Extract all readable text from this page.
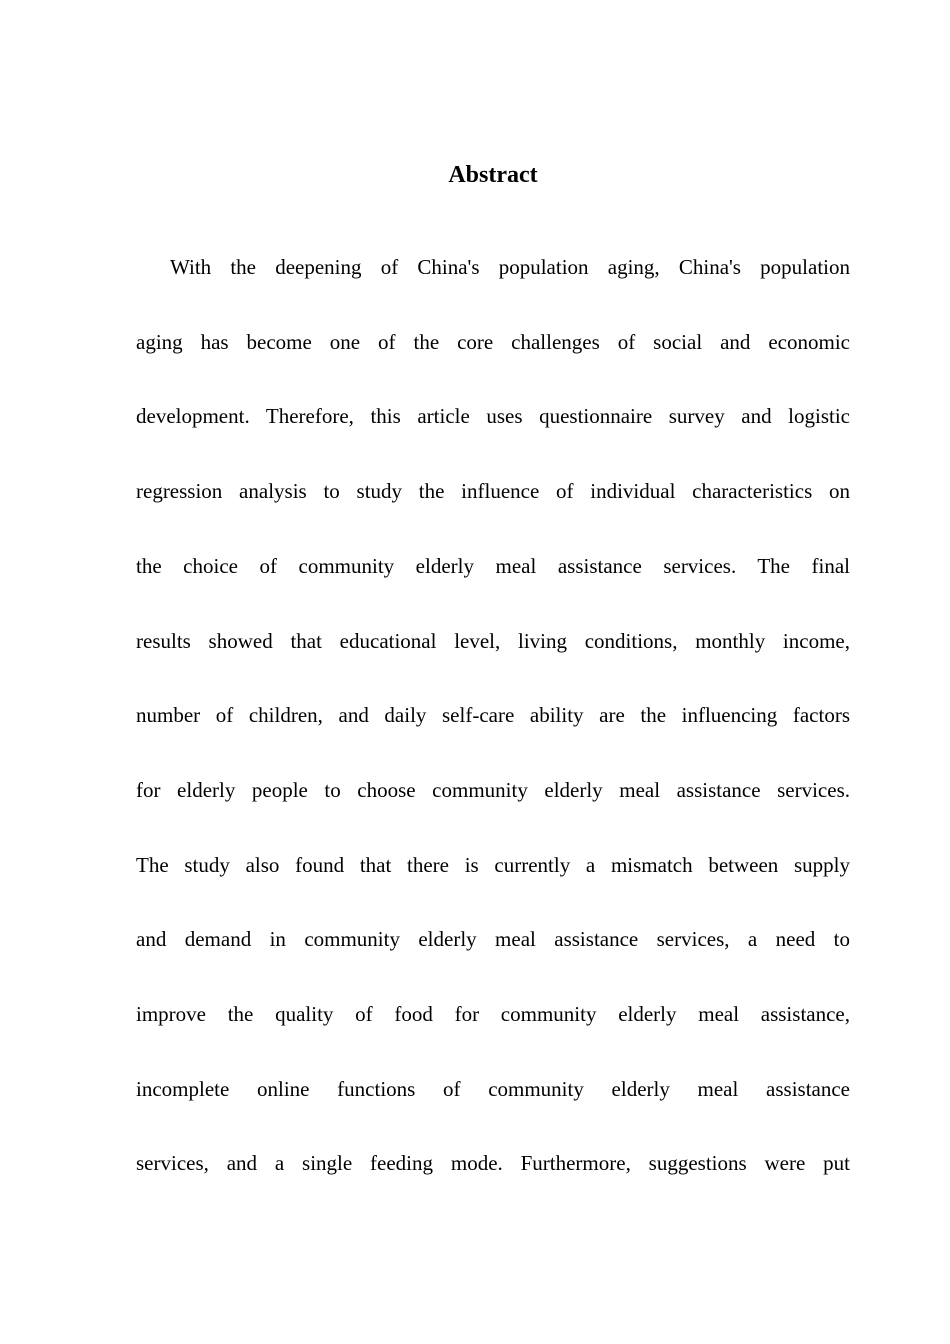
Abstract
With the deepening of China's population aging, China's population
aging has become one of the core challenges of social and economic
development. Therefore, this article uses questionnaire survey and logistic
regression analysis to study the influence of individual characteristics on
the choice of community elderly meal assistance services. The final
results showed that educational level, living conditions, monthly income,
number of children, and daily self-care ability are the influencing factors
for elderly people to choose community elderly meal assistance services.
The study also found that there is currently a mismatch between supply
and demand in community elderly meal assistance services, a need to
improve the quality of food for community elderly meal assistance,
incomplete online functions of community elderly meal assistance
services, and a single feeding mode. Furthermore, suggestions were put
